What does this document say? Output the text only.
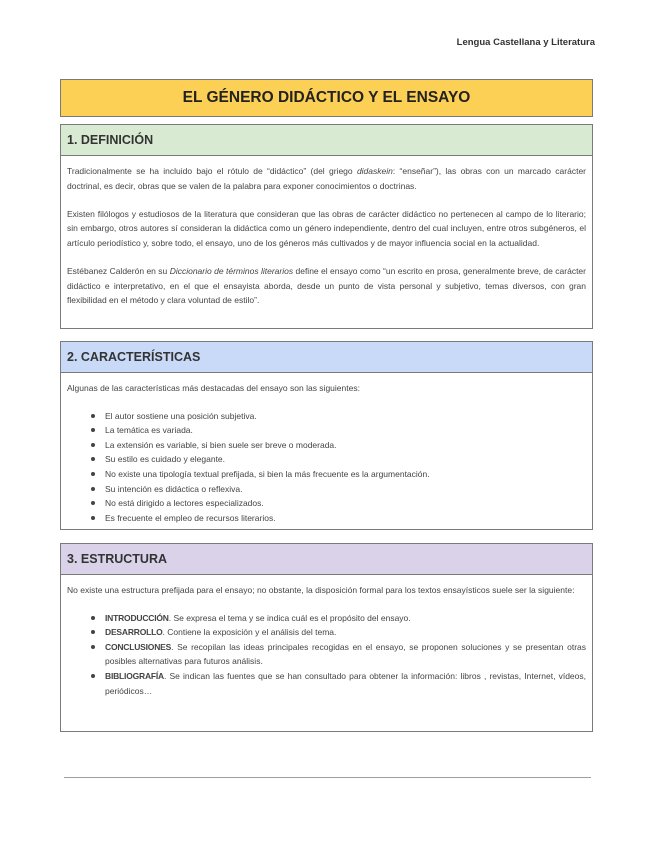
Lengua Castellana y Literatura
EL GÉNERO DIDÁCTICO Y EL ENSAYO
1. DEFINICIÓN

Tradicionalmente se ha incluido bajo el rótulo de “didáctico” (del griego didaskein: “enseñar”), las obras con un marcado carácter doctrinal, es decir, obras que se valen de la palabra para exponer conocimientos o doctrinas.

Existen filólogos y estudiosos de la literatura que consideran que las obras de carácter didáctico no pertenecen al campo de lo literario; sin embargo, otros autores sí consideran la didáctica como un género independiente, dentro del cual incluyen, entre otros subgéneros, el artículo periodístico y, sobre todo, el ensayo, uno de los géneros más cultivados y de mayor influencia social en la actualidad.

Estébanez Calderón en su Diccionario de términos literarios define el ensayo como “un escrito en prosa, generalmente breve, de carácter didáctico e interpretativo, en el que el ensayista aborda, desde un punto de vista personal y subjetivo, temas diversos, con gran flexibilidad en el método y clara voluntad de estilo”.

2. CARACTERÍSTICAS
Algunas de las características más destacadas del ensayo son las siguientes:
El autor sostiene una posición subjetiva.
La temática es variada.
La extensión es variable, si bien suele ser breve o moderada.
Su estilo es cuidado y elegante.
No existe una tipología textual prefijada, si bien la más frecuente es la argumentación.
Su intención es didáctica o reflexiva.
No está dirigido a lectores especializados.
Es frecuente el empleo de recursos literarios.
3. ESTRUCTURA
No existe una estructura prefijada para el ensayo; no obstante, la disposición formal para los textos ensayísticos suele ser la siguiente:
INTRODUCCIÓN. Se expresa el tema y se indica cuál es el propósito del ensayo.
DESARROLLO. Contiene la exposición y el análisis del tema.
CONCLUSIONES. Se recopilan las ideas principales recogidas en el ensayo, se proponen soluciones y se presentan otras posibles alternativas para futuros análisis.
BIBLIOGRAFÍA. Se indican las fuentes que se han consultado para obtener la información: libros , revistas, Internet, vídeos, periódicos…
